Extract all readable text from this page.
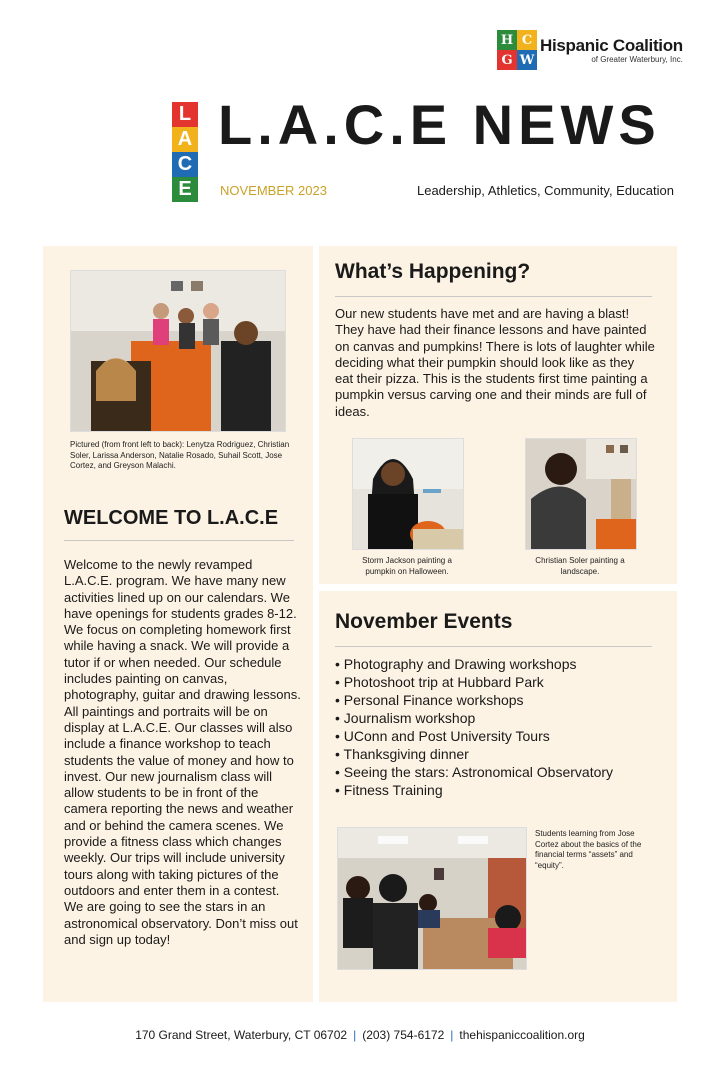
H C
G W
Hispanic Coalition
of Greater Waterbury, Inc.
L
A
C
E
L.A.C.E NEWS
NOVEMBER 2023	Leadership, Athletics, Community, Education
Pictured (from front left to back): Lenytza Rodriguez, Christian Soler, Larissa Anderson, Natalie Rosado, Suhail Scott, Jose Cortez, and Greyson Malachi.
WELCOME TO L.A.C.E
Welcome to the newly revamped L.A.C.E. program. We have many new activities lined up on our calendars. We have openings for students grades 8-12. We focus on completing homework first while having a snack. We will provide a tutor if or when needed. Our schedule includes painting on canvas, photography, guitar and drawing lessons. All paintings and portraits will be on display at L.A.C.E. Our classes will also include a finance workshop to teach students the value of money and how to invest. Our new journalism class will allow students to be in front of the camera reporting the news and weather and or behind the camera scenes. We provide a fitness class which changes weekly. Our trips will include university tours along with taking pictures of the outdoors and enter them in a contest. We are going to see the stars in an astronomical observatory. Don’t miss out and sign up today!
What’s Happening?
Our new students have met and are having a blast! They have had their finance lessons and have painted on canvas and pumpkins! There is lots of laughter while deciding what their pumpkin should look like as they eat their pizza. This is the students first time painting a pumpkin versus carving one and their minds are full of ideas.
Storm Jackson painting a pumpkin on Halloween.
Christian Soler painting a landscape.
November Events
• Photography and Drawing workshops
• Photoshoot trip at Hubbard Park
• Personal Finance workshops
• Journalism workshop
• UConn and Post University Tours
• Thanksgiving dinner
• Seeing the stars: Astronomical Observatory
• Fitness Training
Students learning from Jose Cortez about the basics of the financial terms “assets” and “equity”.
170 Grand Street, Waterbury, CT 06702 | (203) 754-6172 | thehispaniccoalition.org
